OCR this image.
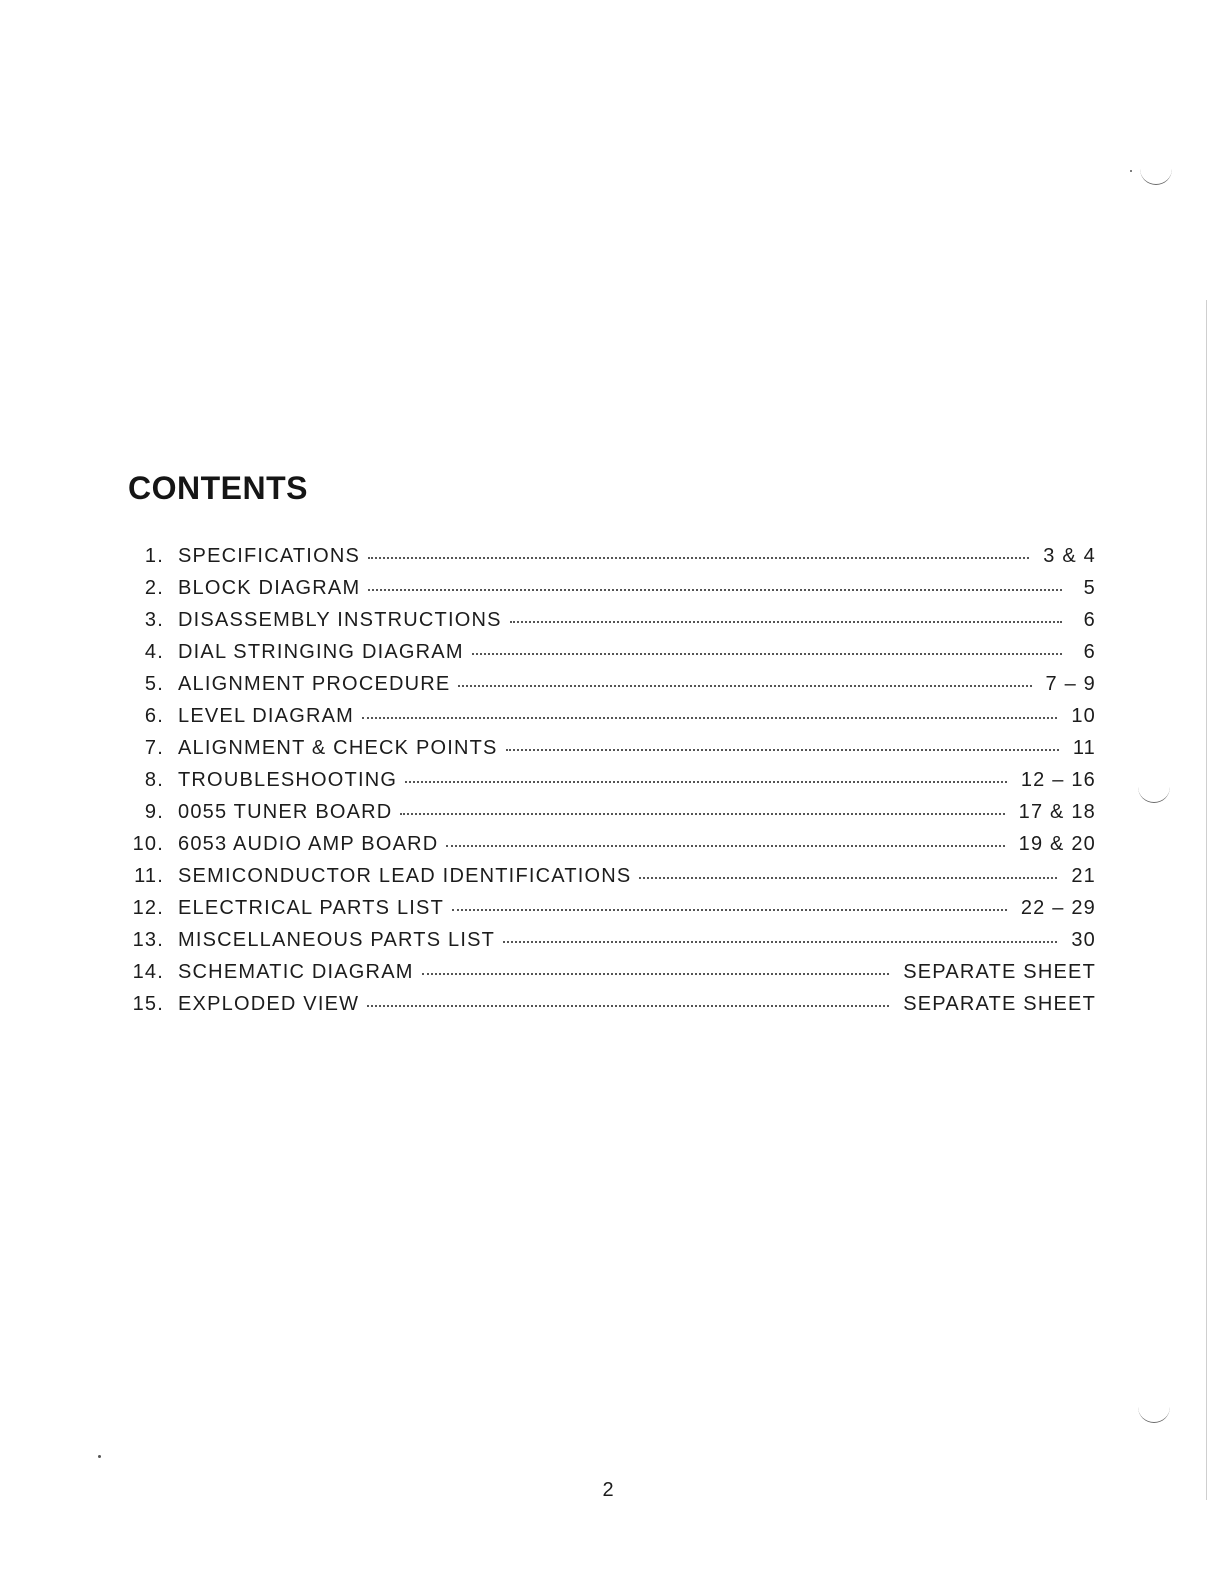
CONTENTS
1. SPECIFICATIONS	3 & 4
2. BLOCK DIAGRAM	5
3. DISASSEMBLY INSTRUCTIONS	6
4. DIAL STRINGING DIAGRAM	6
5. ALIGNMENT PROCEDURE	7 – 9
6. LEVEL DIAGRAM	10
7. ALIGNMENT & CHECK POINTS	11
8. TROUBLESHOOTING	12 – 16
9. 0055 TUNER BOARD	17 & 18
10. 6053 AUDIO AMP BOARD	19 & 20
11. SEMICONDUCTOR LEAD IDENTIFICATIONS	21
12. ELECTRICAL PARTS LIST	22 – 29
13. MISCELLANEOUS PARTS LIST	30
14. SCHEMATIC DIAGRAM	SEPARATE SHEET
15. EXPLODED VIEW	SEPARATE SHEET
2
